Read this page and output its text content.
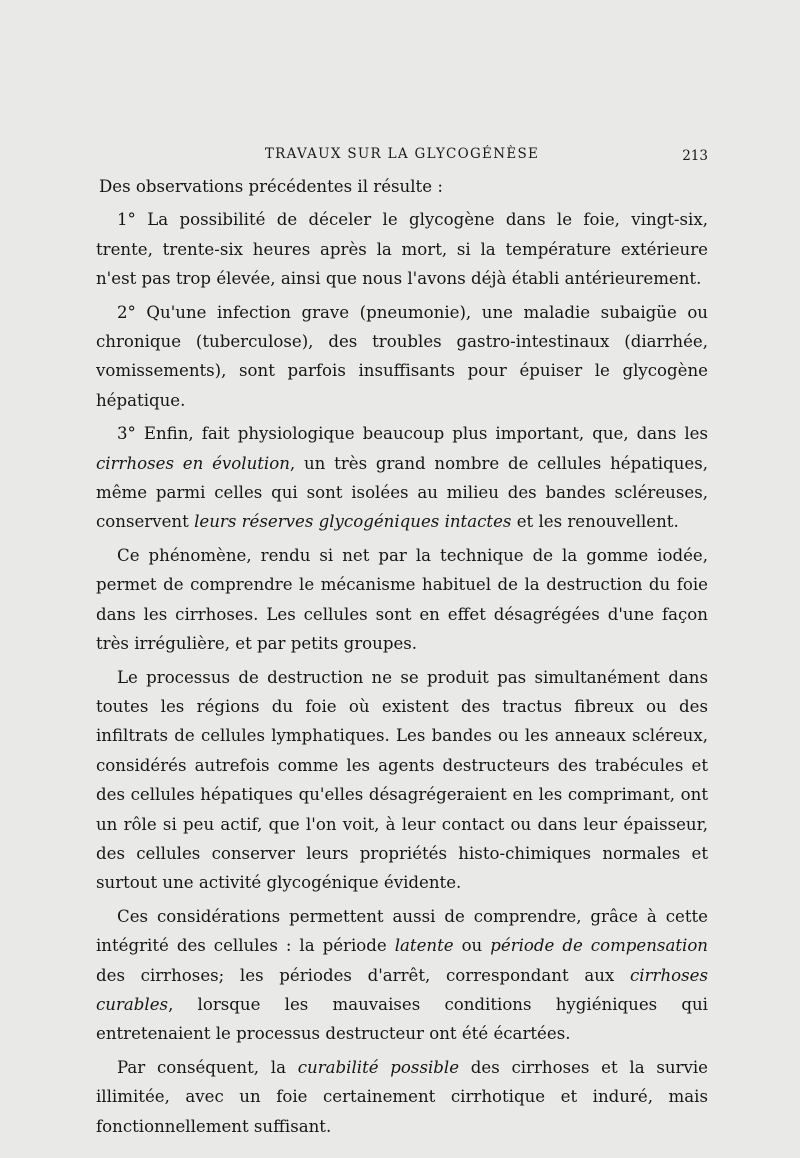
TRAVAUX SUR LA GLYCOGÉNÈSE	213

Des observations précédentes il résulte :

1° La possibilité de déceler le glycogène dans le foie, vingt-six, trente, trente-six heures après la mort, si la température extérieure n'est pas trop élevée, ainsi que nous l'avons déjà établi antérieurement.

2° Qu'une infection grave (pneumonie), une maladie subaigüe ou chronique (tuberculose), des troubles gastro-intestinaux (diarrhée, vomissements), sont parfois insuffisants pour épuiser le glycogène hépatique.

3° Enfin, fait physiologique beaucoup plus important, que, dans les cirrhoses en évolution, un très grand nombre de cellules hépatiques, même parmi celles qui sont isolées au milieu des bandes scléreuses, conservent leurs réserves glycogéniques intactes et les renouvellent.

Ce phénomène, rendu si net par la technique de la gomme iodée, permet de comprendre le mécanisme habituel de la destruction du foie dans les cirrhoses. Les cellules sont en effet désagrégées d'une façon très irrégulière, et par petits groupes.

Le processus de destruction ne se produit pas simultanément dans toutes les régions du foie où existent des tractus fibreux ou des infiltrats de cellules lymphatiques. Les bandes ou les anneaux scléreux, considérés autrefois comme les agents destructeurs des trabécules et des cellules hépatiques qu'elles désagrégeraient en les comprimant, ont un rôle si peu actif, que l'on voit, à leur contact ou dans leur épaisseur, des cellules conserver leurs propriétés histo-chimiques normales et surtout une activité glycogénique évidente.

Ces considérations permettent aussi de comprendre, grâce à cette intégrité des cellules : la période latente ou période de compensation des cirrhoses; les périodes d'arrêt, correspondant aux cirrhoses curables, lorsque les mauvaises conditions hygiéniques qui entretenaient le processus destructeur ont été écartées.

Par conséquent, la curabilité possible des cirrhoses et la survie illimitée, avec un foie certainement cirrhotique et induré, mais fonctionnellement suffisant.
